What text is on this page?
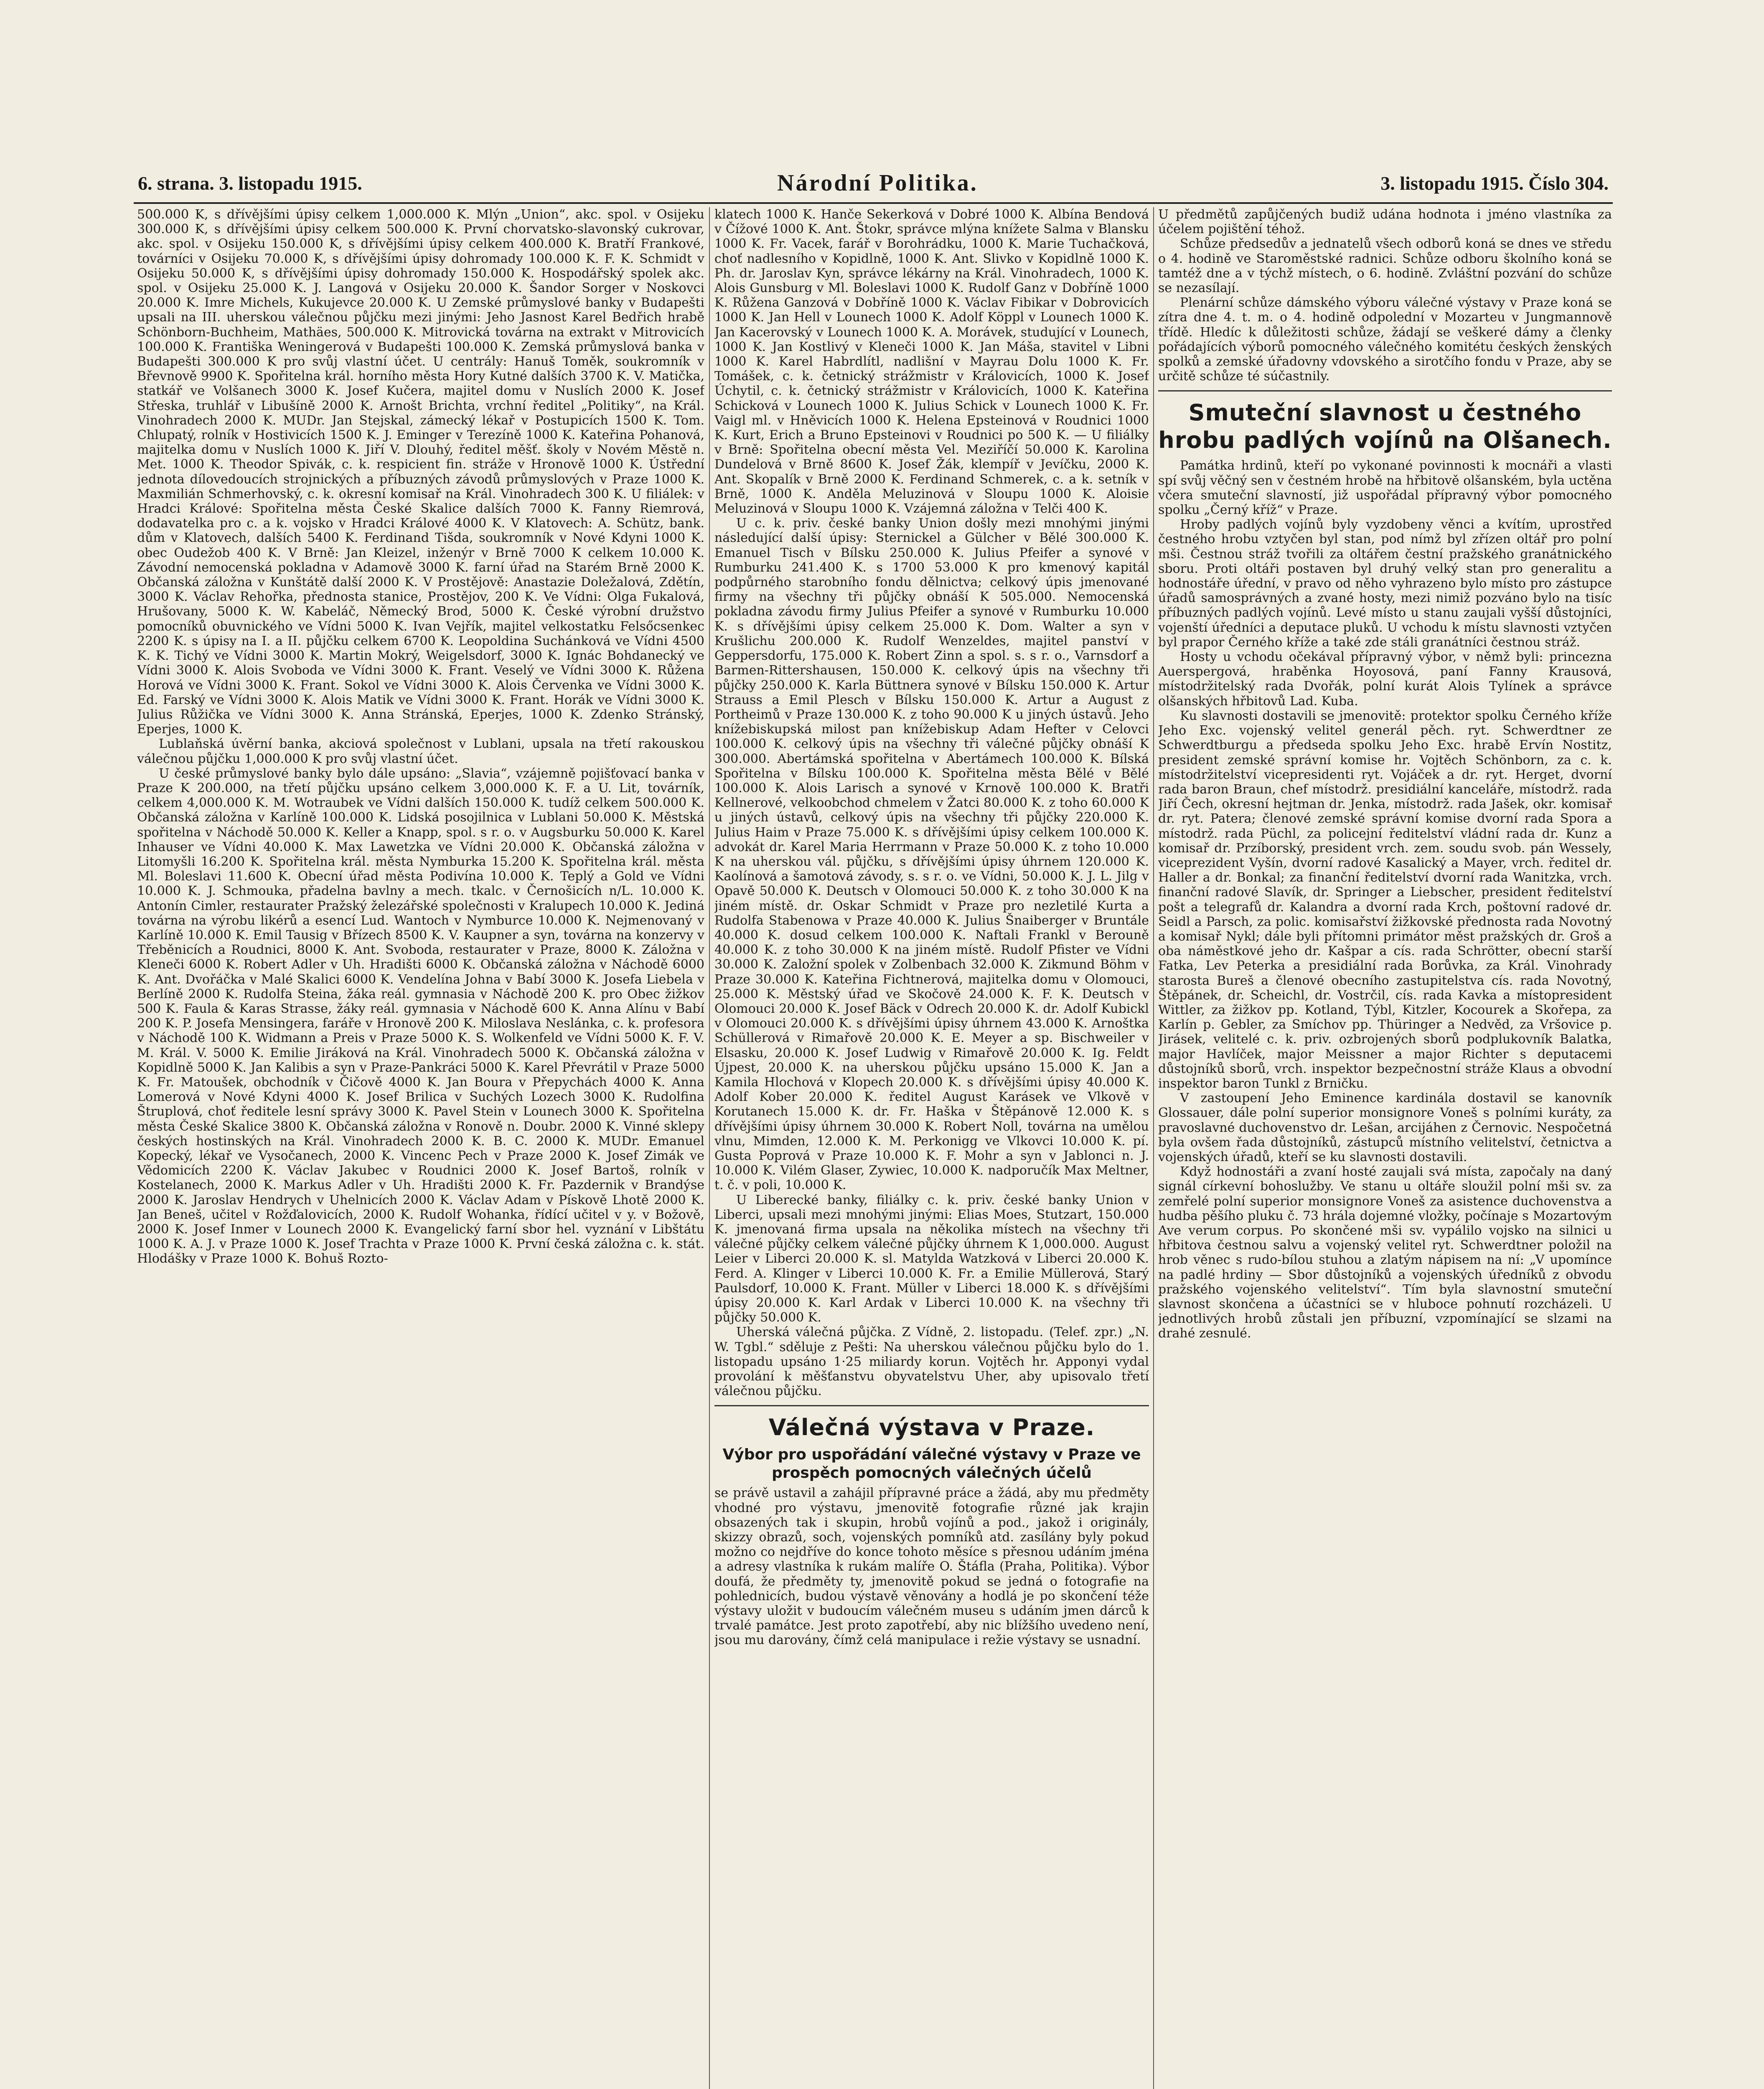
6. strana. 3. listopadu 1915.	Národní Politika.	3. listopadu 1915. Číslo 304.

500.000 K, s dřívějšími úpisy celkem 1,000.000 K. Mlýn „Union“, akc. spol. v Osijeku 300.000 K, s dřívějšími úpisy celkem 500.000 K. První chorvatsko-slavonský cukrovar, akc. spol. v Osijeku 150.000 K, s dřívějšími úpisy celkem 400.000 K. Bratří Frankové, továrníci v Osijeku 70.000 K, s dřívějšími úpisy dohromady 100.000 K. F. K. Schmidt v Osijeku 50.000 K, s dřívějšími úpisy dohromady 150.000 K. Hospodářský spolek akc. spol. v Osijeku 25.000 K. J. Langová v Osijeku 20.000 K. Šandor Sorger v Noskovci 20.000 K. Imre Michels, Kukujevce 20.000 K. U Zemské průmyslové banky v Budapešti upsali na III. uherskou válečnou půjčku mezi jinými: Jeho Jasnost Karel Bedřich hrabě Schönborn-Buchheim, Mathäes, 500.000 K. Mitrovická továrna na extrakt v Mitrovicích 100.000 K. Františka Weningerová v Budapešti 100.000 K. Zemská průmyslová banka v Budapešti 300.000 K pro svůj vlastní účet. U centrály: Hanuš Toměk, soukromník v Břevnově 9900 K. Spořitelna král. horního města Hory Kutné dalších 3700 K. V. Matička, statkář ve Volšanech 3000 K. Josef Kučera, majitel domu v Nuslích 2000 K. Josef Střeska, truhlář v Libušíně 2000 K. Arnošt Brichta, vrchní ředitel „Politiky“, na Král. Vinohradech 2000 K. MUDr. Jan Stejskal, zámecký lékař v Postupicích 1500 K. Tom. Chlupatý, rolník v Hostivicích 1500 K. J. Eminger v Terezíně 1000 K. Kateřina Pohanová, majitelka domu v Nuslích 1000 K. Jiří V. Dlouhý, ředitel měšť. školy v Novém Městě n. Met. 1000 K. Theodor Spivák, c. k. respicient fin. stráže v Hronově 1000 K. Ústřední jednota dílovedoucích strojnických a příbuzných závodů průmyslových v Praze 1000 K. Maxmilián Schmerhovský, c. k. okresní komisař na Král. Vinohradech 300 K. U filiálek: v Hradci Králové: Spořitelna města České Skalice dalších 7000 K. Fanny Riemrová, dodavatelka pro c. a k. vojsko v Hradci Králové 4000 K. V Klatovech: A. Schütz, bank. dům v Klatovech, dalších 5400 K. Ferdinand Tišda, soukromník v Nové Kdyni 1000 K. obec Oudežob 400 K. V Brně: Jan Kleizel, inženýr v Brně 7000 K celkem 10.000 K. Závodní nemocenská pokladna v Adamově 3000 K. farní úřad na Starém Brně 2000 K. Občanská záložna v Kunštátě další 2000 K. V Prostějově: Anastazie Doležalová, Zdětín, 3000 K. Václav Rehořka, přednosta stanice, Prostějov, 200 K. Ve Vídni: Olga Fukalová, Hrušovany, 5000 K. W. Kabeláč, Německý Brod, 5000 K. České výrobní družstvo pomocníků obuvnického ve Vídni 5000 K. Ivan Vejřík, majitel velkostatku Felsőcsenkec 2200 K. s úpisy na I. a II. půjčku celkem 6700 K. Leopoldina Suchánková ve Vídni 4500 K. K. Tichý ve Vídni 3000 K. Martin Mokrý, Weigelsdorf, 3000 K. Ignác Bohdanecký ve Vídni 3000 K. Alois Svoboda ve Vídni 3000 K. Frant. Veselý ve Vídni 3000 K. Růžena Horová ve Vídni 3000 K. Frant. Sokol ve Vídni 3000 K. Alois Červenka ve Vídni 3000 K. Ed. Farský ve Vídni 3000 K. Alois Matik ve Vídni 3000 K. Frant. Horák ve Vídni 3000 K. Julius Růžička ve Vídni 3000 K. Anna Stránská, Eperjes, 1000 K. Zdenko Stránský, Eperjes, 1000 K.

Lublaňská úvěrní banka, akciová společnost v Lublani, upsala na třetí rakouskou válečnou půjčku 1,000.000 K pro svůj vlastní účet.

U české průmyslové banky bylo dále upsáno: „Slavia“, vzájemně pojišťovací banka v Praze K 200.000, na třetí půjčku upsáno celkem 3,000.000 K. F. a U. Lit, továrník, celkem 4,000.000 K. M. Wotraubek ve Vídni dalších 150.000 K. tudíž celkem 500.000 K. Občanská záložna v Karlíně 100.000 K. Lidská posojilnica v Lublani 50.000 K. Městská spořitelna v Náchodě 50.000 K. Keller a Knapp, spol. s r. o. v Augsburku 50.000 K. Karel Inhauser ve Vídni 40.000 K. Max Lawetzka ve Vídni 20.000 K. Občanská záložna v Litomyšli 16.200 K. Spořitelna král. města Nymburka 15.200 K. Spořitelna král. města Ml. Boleslavi 11.600 K. Obecní úřad města Podivína 10.000 K. Teplý a Gold ve Vídni 10.000 K. J. Schmouka, přadelna bavlny a mech. tkalc. v Černošicích n/L. 10.000 K. Antonín Cimler, restaurater Pražský železářské společnosti v Kralupech 10.000 K. Jediná továrna na výrobu likérů a esencí Lud. Wantoch v Nymburce 10.000 K. Nejmenovaný v Karlíně 10.000 K. Emil Tausig v Břízech 8500 K. V. Kaupner a syn, továrna na konzervy v Třeběnicích a Roudnici, 8000 K. Ant. Svoboda, restaurater v Praze, 8000 K. Záložna v Kleneči 6000 K. Robert Adler v Uh. Hradišti 6000 K. Občanská záložna v Náchodě 6000 K. Ant. Dvořáčka v Malé Skalici 6000 K. Vendelína Johna v Babí 3000 K. Josefa Liebela v Berlíně 2000 K. Rudolfa Steina, žáka reál. gymnasia v Náchodě 200 K. pro Obec žižkov 500 K. Faula & Karas Strasse, žáky reál. gymnasia v Náchodě 600 K. Anna Alínu v Babí 200 K. P. Josefa Mensingera, faráře v Hronově 200 K. Miloslava Neslánka, c. k. profesora v Náchodě 100 K. Widmann a Preis v Praze 5000 K. S. Wolkenfeld ve Vídni 5000 K. F. V. M. Král. V. 5000 K. Emilie Jiráková na Král. Vinohradech 5000 K. Občanská záložna v Kopidlně 5000 K. Jan Kalibis a syn v Praze-Pankráci 5000 K. Karel Převrátil v Praze 5000 K. Fr. Matoušek, obchodník v Čičově 4000 K. Jan Boura v Přepychách 4000 K. Anna Lomerová v Nové Kdyni 4000 K. Josef Brilica v Suchých Lozech 3000 K. Rudolfina Štruplová, choť ředitele lesní správy 3000 K. Pavel Stein v Lounech 3000 K. Spořitelna města České Skalice 3800 K. Občanská záložna v Ronově n. Doubr. 2000 K. Vinné sklepy českých hostinských na Král. Vinohradech 2000 K. B. C. 2000 K. MUDr. Emanuel Kopecký, lékař ve Vysočanech, 2000 K. Vincenc Pech v Praze 2000 K. Josef Zimák ve Vědomicích 2200 K. Václav Jakubec v Roudnici 2000 K. Josef Bartoš, rolník v Kostelanech, 2000 K. Markus Adler v Uh. Hradišti 2000 K. Fr. Pazdernik v Brandýse 2000 K. Jaroslav Hendrych v Uhelnicích 2000 K. Václav Adam v Pískově Lhotě 2000 K. Jan Beneš, učitel v Rožďalovicích, 2000 K. Rudolf Wohanka, řídící učitel v y. v Božově, 2000 K. Josef Inmer v Lounech 2000 K. Evangelický farní sbor hel. vyznání v Libštátu 1000 K. A. J. v Praze 1000 K. Josef Trachta v Praze 1000 K. První česká záložna c. k. stát. Hlodášky v Praze 1000 K. Bohuš Rozto-

klatech 1000 K. Hanče Sekerková v Dobré 1000 K. Albína Bendová v Čížové 1000 K. Ant. Štokr, správce mlýna knížete Salma v Blansku 1000 K. Fr. Vacek, farář v Borohrádku, 1000 K. Marie Tuchačková, choť nadlesního v Kopidlně, 1000 K. Ant. Slivko v Kopidlně 1000 K. Ph. dr. Jaroslav Kyn, správce lékárny na Král. Vinohradech, 1000 K. Alois Gunsburg v Ml. Boleslavi 1000 K. Rudolf Ganz v Dobříně 1000 K. Růžena Ganzová v Dobříně 1000 K. Václav Fibikar v Dobrovicích 1000 K. Jan Hell v Lounech 1000 K. Adolf Köppl v Lounech 1000 K. Jan Kacerovský v Lounech 1000 K. A. Morávek, studující v Lounech, 1000 K. Jan Kostlivý v Kleneči 1000 K. Jan Máša, stavitel v Libni 1000 K. Karel Habrdlítl, nadlišní v Mayrau Dolu 1000 K. Fr. Tomášek, c. k. četnický strážmistr v Královicích, 1000 K. Josef Úchytil, c. k. četnický strážmistr v Královicích, 1000 K. Kateřina Schicková v Lounech 1000 K. Julius Schick v Lounech 1000 K. Fr. Vaigl ml. v Hněvicích 1000 K. Helena Epsteinová v Roudnici 1000 K. Kurt, Erich a Bruno Epsteinovi v Roudnici po 500 K. — U filiálky v Brně: Spořitelna obecní města Vel. Meziříčí 50.000 K. Karolina Dundelová v Brně 8600 K. Josef Žák, klempíř v Jevíčku, 2000 K. Ant. Skopalík v Brně 2000 K. Ferdinand Schmerek, c. a k. setník v Brně, 1000 K. Anděla Meluzinová v Sloupu 1000 K. Aloisie Meluzinová v Sloupu 1000 K. Vzájemná záložna v Telči 400 K.

U c. k. priv. české banky Union došly mezi mnohými jinými následující další úpisy: Sternickel a Gülcher v Bělé 300.000 K. Emanuel Tisch v Bílsku 250.000 K. Julius Pfeifer a synové v Rumburku 241.400 K. s 1700 53.000 K pro kmenový kapitál podpůrného starobního fondu dělnictva; celkový úpis jmenované firmy na všechny tři půjčky obnáší K 505.000. Nemocenská pokladna závodu firmy Julius Pfeifer a synové v Rumburku 10.000 K. s dřívějšími úpisy celkem 25.000 K. Dom. Walter a syn v Krušlichu 200.000 K. Rudolf Wenzeldes, majitel panství v Geppersdorfu, 175.000 K. Robert Zinn a spol. s. s r. o., Varnsdorf a Barmen-Rittershausen, 150.000 K. celkový úpis na všechny tři půjčky 250.000 K. Karla Büttnera synové v Bílsku 150.000 K. Artur Strauss a Emil Plesch v Bílsku 150.000 K. Artur a August z Portheimů v Praze 130.000 K. z toho 90.000 K u jiných ústavů. Jeho knížebiskupská milost pan knížebiskup Adam Hefter v Celovci 100.000 K. celkový úpis na všechny tři válečné půjčky obnáší K 300.000. Abertámská spořitelna v Abertámech 100.000 K. Bílská Spořitelna v Bílsku 100.000 K. Spořitelna města Bělé v Bělé 100.000 K. Alois Larisch a synové v Krnově 100.000 K. Bratři Kellnerové, velkoobchod chmelem v Žatci 80.000 K. z toho 60.000 K u jiných ústavů, celkový úpis na všechny tři půjčky 220.000 K. Julius Haim v Praze 75.000 K. s dřívějšími úpisy celkem 100.000 K. advokát dr. Karel Maria Herrmann v Praze 50.000 K. z toho 10.000 K na uherskou vál. půjčku, s dřívějšími úpisy úhrnem 120.000 K. Kaolínová a šamotová závody, s. s r. o. ve Vídni, 50.000 K. J. L. Jilg v Opavě 50.000 K. Deutsch v Olomouci 50.000 K. z toho 30.000 K na jiném místě. dr. Oskar Schmidt v Praze pro nezletilé Kurta a Rudolfa Stabenowa v Praze 40.000 K. Julius Šnaiberger v Bruntále 40.000 K. dosud celkem 100.000 K. Naftali Frankl v Berouně 40.000 K. z toho 30.000 K na jiném místě. Rudolf Pfister ve Vídni 30.000 K. Založní spolek v Zolbenbach 32.000 K. Zikmund Böhm v Praze 30.000 K. Kateřina Fichtnerová, majitelka domu v Olomouci, 25.000 K. Městský úřad ve Skočově 24.000 K. F. K. Deutsch v Olomouci 20.000 K. Josef Bäck v Odrech 20.000 K. dr. Adolf Kubickl v Olomouci 20.000 K. s dřívějšími úpisy úhrnem 43.000 K. Arnoštka Schüllerová v Rimařově 20.000 K. E. Meyer a sp. Bischweiler v Elsasku, 20.000 K. Josef Ludwig v Rimařově 20.000 K. Ig. Feldt Újpest, 20.000 K. na uherskou půjčku upsáno 15.000 K. Jan a Kamila Hlochová v Klopech 20.000 K. s dřívějšími úpisy 40.000 K. Adolf Kober 20.000 K. ředitel August Karásek ve Vlkově v Korutanech 15.000 K. dr. Fr. Haška v Štěpánově 12.000 K. s dřívějšími úpisy úhrnem 30.000 K. Robert Noll, továrna na umělou vlnu, Mimden, 12.000 K. M. Perkonigg ve Vlkovci 10.000 K. pí. Gusta Poprová v Praze 10.000 K. F. Mohr a syn v Jablonci n. J. 10.000 K. Vilém Glaser, Zywiec, 10.000 K. nadporučík Max Meltner, t. č. v poli, 10.000 K.

U Liberecké banky, filiálky c. k. priv. české banky Union v Liberci, upsali mezi mnohými jinými: Elias Moes, Stutzart, 150.000 K. jmenovaná firma upsala na několika místech na všechny tři válečné půjčky celkem válečné půjčky úhrnem K 1,000.000. August Leier v Liberci 20.000 K. sl. Matylda Watzková v Liberci 20.000 K. Ferd. A. Klinger v Liberci 10.000 K. Fr. a Emilie Müllerová, Starý Paulsdorf, 10.000 K. Frant. Müller v Liberci 18.000 K. s dřívějšími úpisy 20.000 K. Karl Ardak v Liberci 10.000 K. na všechny tři půjčky 50.000 K.

Uherská válečná půjčka. Z Vídně, 2. listopadu. (Telef. zpr.) „N. W. Tgbl.“ sděluje z Pešti: Na uherskou válečnou půjčku bylo do 1. listopadu upsáno 1·25 miliardy korun. Vojtěch hr. Apponyi vydal provolání k měšťanstvu obyvatelstvu Uher, aby upisovalo třetí válečnou půjčku.

Válečná výstava v Praze.
Výbor pro uspořádání válečné výstavy v Praze ve prospěch pomocných válečných účelů

se právě ustavil a zahájil přípravné práce a žádá, aby mu předměty vhodné pro výstavu, jmenovitě fotografie různé jak krajin obsazených tak i skupin, hrobů vojínů a pod., jakož i originály, skizzy obrazů, soch, vojenských pomníků atd. zasílány byly pokud možno co nejdříve do konce tohoto měsíce s přesnou udáním jména a adresy vlastníka k rukám malíře O. Štáfla (Praha, Politika). Výbor doufá, že předměty ty, jmenovitě pokud se jedná o fotografie na pohlednicích, budou výstavě věnovány a hodlá je po skončení téže výstavy uložit v budoucím válečném museu s udáním jmen dárců k trvalé památce. Jest proto zapotřebí, aby nic blížšího uvedeno není, jsou mu darovány, čímž celá manipulace i režie výstavy se usnadní.

U předmětů zapůjčených budiž udána hodnota i jméno vlastníka za účelem pojištění téhož.

Schůze předsedův a jednatelů všech odborů koná se dnes ve středu o 4. hodině ve Staroměstské radnici. Schůze odboru školního koná se tamtéž dne a v týchž místech, o 6. hodině. Zvláštní pozvání do schůze se nezasílají.

Plenární schůze dámského výboru válečné výstavy v Praze koná se zítra dne 4. t. m. o 4. hodině odpolední v Mozarteu v Jungmannově třídě. Hledíc k důležitosti schůze, žádají se veškeré dámy a členky pořádajících výborů pomocného válečného komitétu českých ženských spolků a zemské úřadovny vdovského a sirotčího fondu v Praze, aby se určitě schůze té súčastnily.

Smuteční slavnost u čestného hrobu padlých vojínů na Olšanech.

Památka hrdinů, kteří po vykonané povinnosti k mocnáři a vlasti spí svůj věčný sen v čestném hrobě na hřbitově olšanském, byla uctěna včera smuteční slavností, již uspořádal přípravný výbor pomocného spolku „Černý kříž“ v Praze.

Hroby padlých vojínů byly vyzdobeny věnci a kvítím, uprostřed čestného hrobu vztyčen byl stan, pod nímž byl zřízen oltář pro polní mši. Čestnou stráž tvořili za oltářem čestní pražského granátnického sboru. Proti oltáři postaven byl druhý velký stan pro generalitu a hodnostáře úřední, v pravo od něho vyhrazeno bylo místo pro zástupce úřadů samosprávných a zvané hosty, mezi nimiž pozváno bylo na tisíc příbuzných padlých vojínů. Levé místo u stanu zaujali vyšší důstojníci, vojenští úředníci a deputace pluků. U vchodu k místu slavnosti vztyčen byl prapor Černého kříže a také zde stáli granátníci čestnou stráž.

Hosty u vchodu očekával přípravný výbor, v němž byli: princezna Auerspergová, hraběnka Hoyosová, paní Fanny Krausová, místodržitelský rada Dvořák, polní kurát Alois Tylínek a správce olšanských hřbitovů Lad. Kuba.

Ku slavnosti dostavili se jmenovitě: protektor spolku Černého kříže Jeho Exc. vojenský velitel generál pěch. ryt. Schwerdtner ze Schwerdtburgu a předseda spolku Jeho Exc. hrabě Ervín Nostitz, president zemské správní komise hr. Vojtěch Schönborn, za c. k. místodržitelství vicepresidenti ryt. Vojáček a dr. ryt. Herget, dvorní rada baron Braun, chef místodrž. presidiální kanceláře, místodrž. rada Jiří Čech, okresní hejtman dr. Jenka, místodrž. rada Jašek, okr. komisař dr. ryt. Patera; členové zemské správní komise dvorní rada Spora a místodrž. rada Püchl, za policejní ředitelství vládní rada dr. Kunz a komisař dr. Przíborský, president vrch. zem. soudu svob. pán Wessely, viceprezident Vyšín, dvorní radové Kasalický a Mayer, vrch. ředitel dr. Haller a dr. Bonkal; za finanční ředitelství dvorní rada Wanitzka, vrch. finanční radové Slavík, dr. Springer a Liebscher, president ředitelství pošt a telegrafů dr. Kalandra a dvorní rada Krch, poštovní radové dr. Seidl a Parsch, za polic. komisařství žižkovské přednosta rada Novotný a komisař Nykl; dále byli přítomni primátor měst pražských dr. Groš a oba náměstkové jeho dr. Kašpar a cís. rada Schrötter, obecní starší Fatka, Lev Peterka a presidiální rada Borůvka, za Král. Vinohrady starosta Bureš a členové obecního zastupitelstva cís. rada Novotný, Štěpánek, dr. Scheichl, dr. Vostrčil, cís. rada Kavka a místopresident Wittler, za žižkov pp. Kotland, Týbl, Kitzler, Kocourek a Skořepa, za Karlín p. Gebler, za Smíchov pp. Thüringer a Nedvěd, za Vršovice p. Jirásek, velitelé c. k. priv. ozbrojených sborů podplukovník Balatka, major Havlíček, major Meissner a major Richter s deputacemi důstojníků sborů, vrch. inspektor bezpečnostní stráže Klaus a obvodní inspektor baron Tunkl z Brničku.

V zastoupení Jeho Eminence kardinála dostavil se kanovník Glossauer, dále polní superior monsignore Voneš s polními kuráty, za pravoslavné duchovenstvo dr. Lešan, arcijáhen z Černovic. Nespočetná byla ovšem řada důstojníků, zástupců místního velitelství, četnictva a vojenských úřadů, kteří se ku slavnosti dostavili.

Když hodnostáři a zvaní hosté zaujali svá místa, započaly na daný signál církevní bohoslužby. Ve stanu u oltáře sloužil polní mši sv. za zemřelé polní superior monsignore Voneš za asistence duchovenstva a hudba pěšího pluku č. 73 hrála dojemné vložky, počínaje s Mozartovým Ave verum corpus. Po skončené mši sv. vypálilo vojsko na silnici u hřbitova čestnou salvu a vojenský velitel ryt. Schwerdtner položil na hrob věnec s rudo-bílou stuhou a zlatým nápisem na ní: „V upomínce na padlé hrdiny — Sbor důstojníků a vojenských úředníků z obvodu pražského vojenského velitelství“. Tím byla slavnostní smuteční slavnost skončena a účastníci se v hluboce pohnutí rozcházeli. U jednotlivých hrobů zůstali jen příbuzní, vzpomínající se slzami na drahé zesnulé.
